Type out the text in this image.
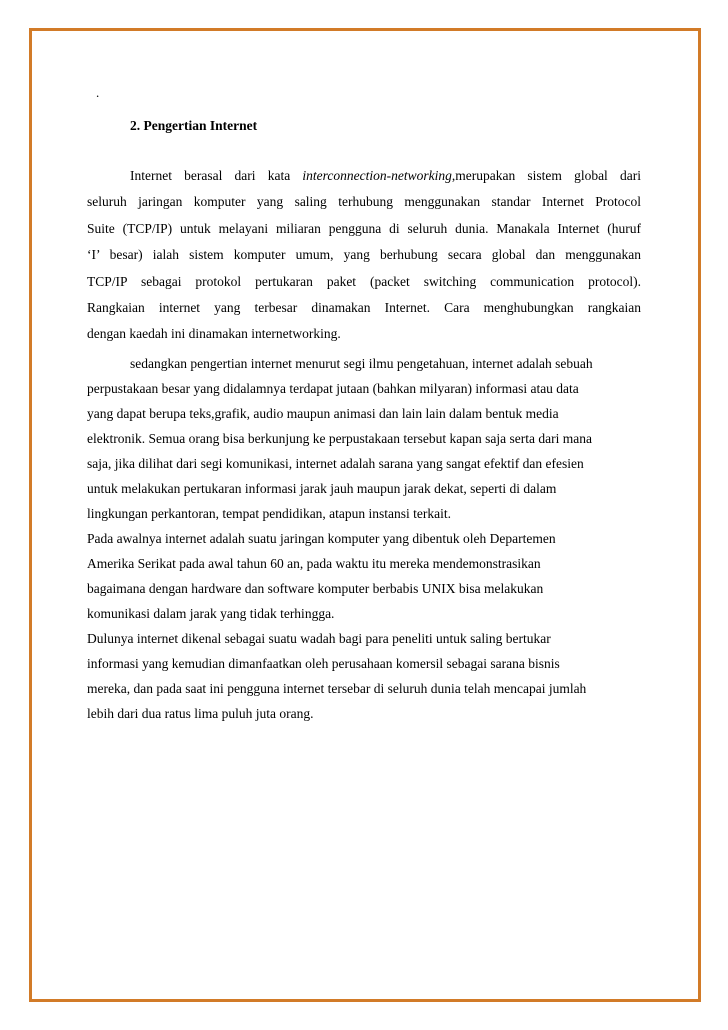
.
2. Pengertian Internet
Internet berasal dari kata interconnection-networking,merupakan sistem global dari
seluruh jaringan komputer yang saling terhubung menggunakan standar Internet Protocol
Suite (TCP/IP) untuk melayani miliaran pengguna di seluruh dunia. Manakala Internet (huruf
‘I’ besar) ialah sistem komputer umum, yang berhubung secara global dan menggunakan
TCP/IP sebagai protokol pertukaran paket (packet switching communication protocol).
Rangkaian internet yang terbesar dinamakan Internet. Cara menghubungkan rangkaian
dengan kaedah ini dinamakan internetworking.
sedangkan pengertian internet menurut segi ilmu pengetahuan, internet adalah sebuah
perpustakaan besar yang didalamnya terdapat jutaan (bahkan milyaran) informasi atau data
yang dapat berupa teks,grafik, audio maupun animasi dan lain lain dalam bentuk media
elektronik. Semua orang bisa berkunjung ke perpustakaan tersebut kapan saja serta dari mana
saja, jika dilihat dari segi komunikasi, internet adalah sarana yang sangat efektif dan efesien
untuk melakukan pertukaran informasi jarak jauh maupun jarak dekat, seperti di dalam
lingkungan perkantoran, tempat pendidikan, atapun instansi terkait.
Pada awalnya internet adalah suatu jaringan komputer yang dibentuk oleh Departemen
Amerika Serikat pada awal tahun 60 an, pada waktu itu mereka mendemonstrasikan
bagaimana dengan hardware dan software komputer berbabis UNIX bisa melakukan
komunikasi dalam jarak yang tidak terhingga.
Dulunya internet dikenal sebagai suatu wadah bagi para peneliti untuk saling bertukar
informasi yang kemudian dimanfaatkan oleh perusahaan komersil sebagai sarana bisnis
mereka, dan pada saat ini pengguna internet tersebar di seluruh dunia telah mencapai jumlah
lebih dari dua ratus lima puluh juta orang.
